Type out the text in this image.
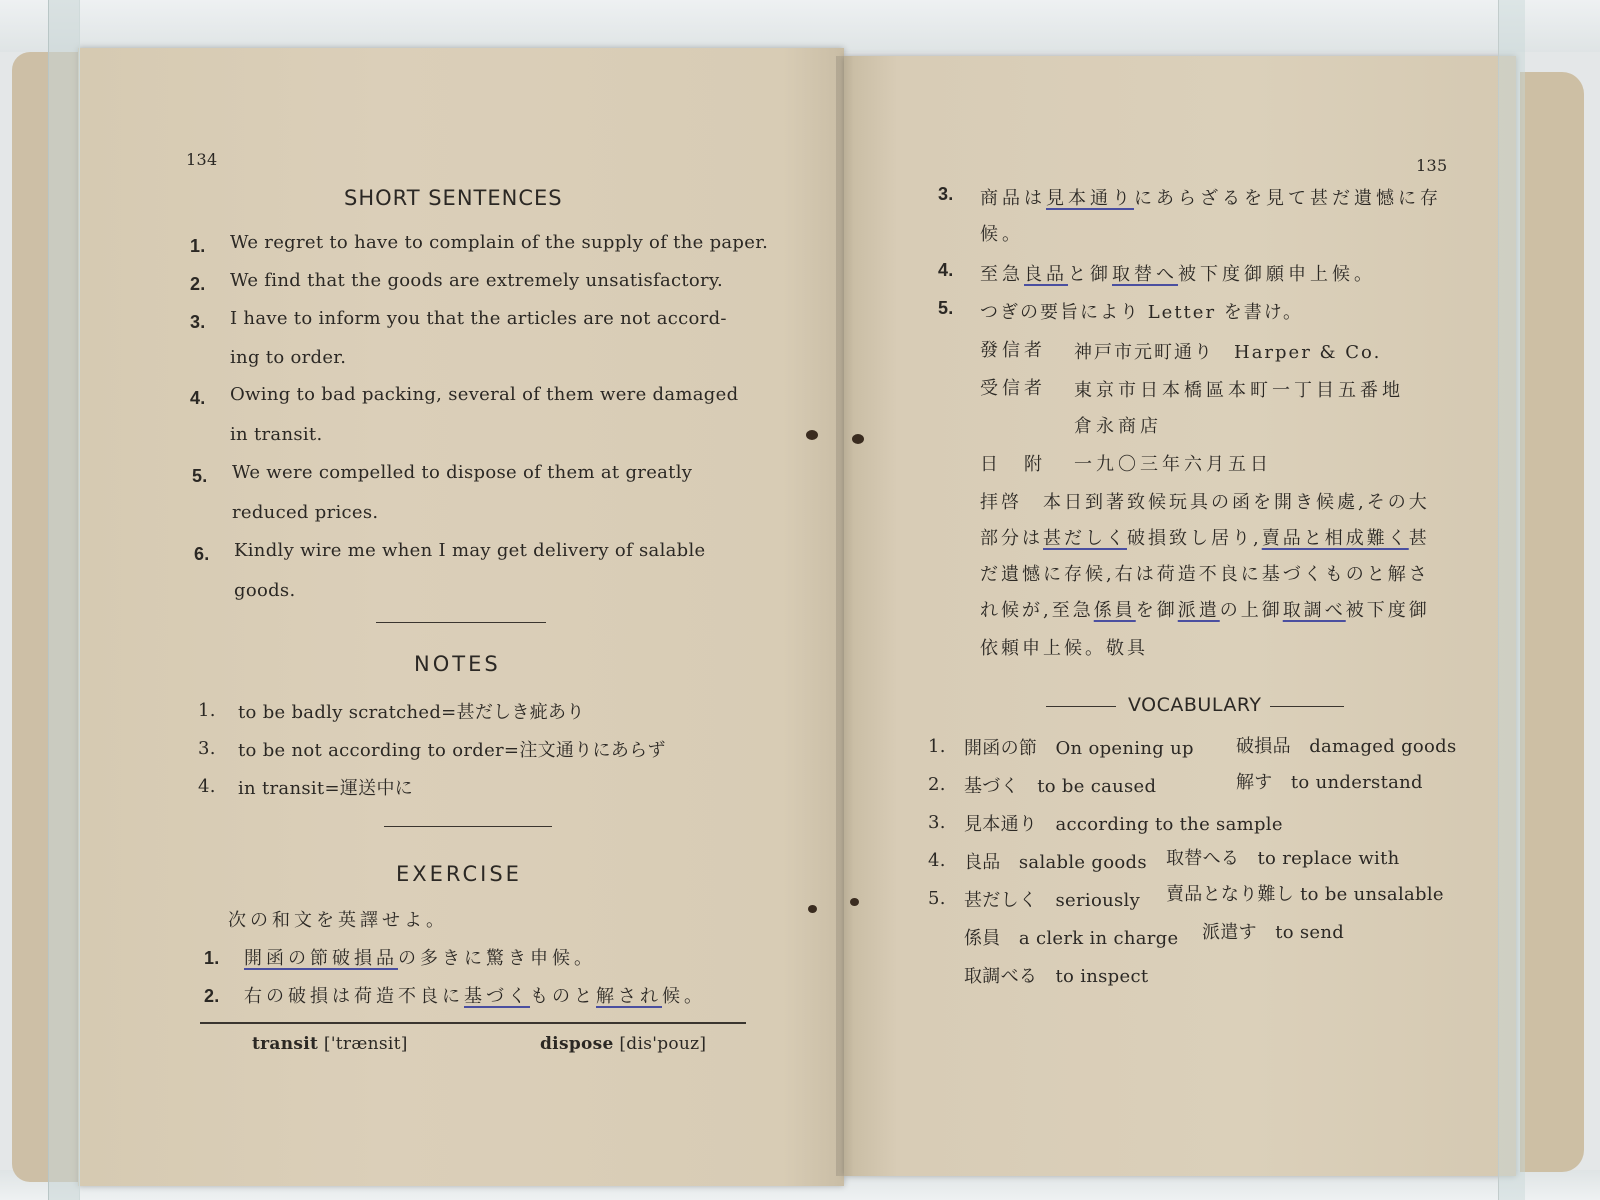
134
SHORT SENTENCES
1. We regret to have to complain of the supply of the paper.
2. We find that the goods are extremely unsatisfactory.
3. I have to inform you that the articles are not accord-
ing to order.
4. Owing to bad packing, several of them were damaged
in transit.
5. We were compelled to dispose of them at greatly
reduced prices.
6. Kindly wire me when I may get delivery of salable
goods.
NOTES
1. to be badly scratched=甚だしき疵あり
3. to be not according to order=注文通りにあらず
4. in transit=運送中に
EXERCISE
次の和文を英譯せよ。
1. 開函の節破損品の多きに驚き申候。
2. 右の破損は荷造不良に基づくものと解され候。
transit ['trænsit]	dispose [dis'pouz]
135
3. 商品は見本通りにあらざるを見て甚だ遺憾に存
候。
4. 至急良品と御取替へ被下度御願申上候。
5. つぎの要旨により Letter を書け。
發信者 神戸市元町通り　Harper & Co.
受信者 東京市日本橋區本町一丁目五番地
倉永商店
日　附 一九〇三年六月五日
拝啓　本日到著致候玩具の函を開き候處,その大
部分は甚だしく破損致し居り,賣品と相成難く甚
だ遺憾に存候,右は荷造不良に基づくものと解さ
れ候が,至急係員を御派遣の上御取調べ被下度御
依頼申上候。敬具
VOCABULARY
1. 開函の節　On opening up 破損品　damaged goods
2. 基づく　to be caused	解す　to understand
3. 見本通り　according to the sample
4. 良品　salable goods 取替へる　to replace with
5. 甚だしく　seriously 賣品となり難し to be unsalable
係員　a clerk in charge 派遣す　to send
取調べる　to inspect
